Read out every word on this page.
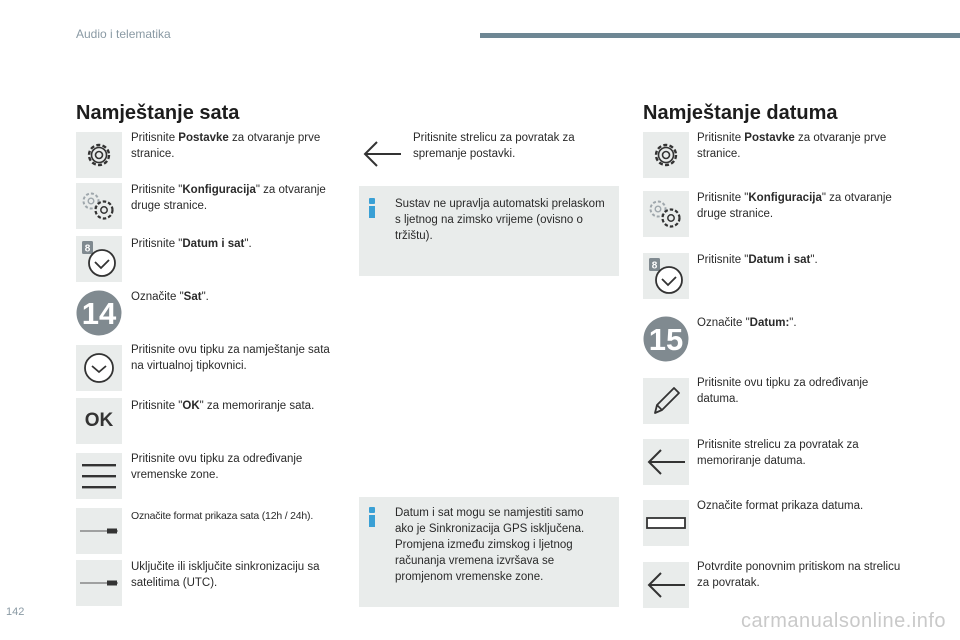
Audio i telematika
Namještanje sata
Pritisnite Postavke za otvaranje prve stranice.
Pritisnite "Konfiguracija" za otvaranje druge stranice.
8	Pritisnite "Datum i sat".
14 Označite "Sat".
Pritisnite ovu tipku za namještanje sata na virtualnoj tipkovnici.
OK
Pritisnite "OK" za memoriranje sata.
Pritisnite ovu tipku za određivanje vremenske zone.
Označite format prikaza sata (12h / 24h).
Uključite ili isključite sinkronizaciju sa satelitima (UTC).
Pritisnite strelicu za povratak za spremanje postavki.
Sustav ne upravlja automatski prelaskom s ljetnog na zimsko vrijeme (ovisno o tržištu).
Datum i sat mogu se namjestiti samo ako je Sinkronizacija GPS isključena. Promjena između zimskog i ljetnog računanja vremena izvršava se promjenom vremenske zone.
Namještanje datuma
Pritisnite Postavke za otvaranje prve stranice.
Pritisnite "Konfiguracija" za otvaranje druge stranice.
8	Pritisnite "Datum i sat".
15 Označite "Datum:".
Pritisnite ovu tipku za određivanje datuma.
Pritisnite strelicu za povratak za memoriranje datuma.
Označite format prikaza datuma.
Potvrdite ponovnim pritiskom na strelicu za povratak.
142	carmanualsonline.info
